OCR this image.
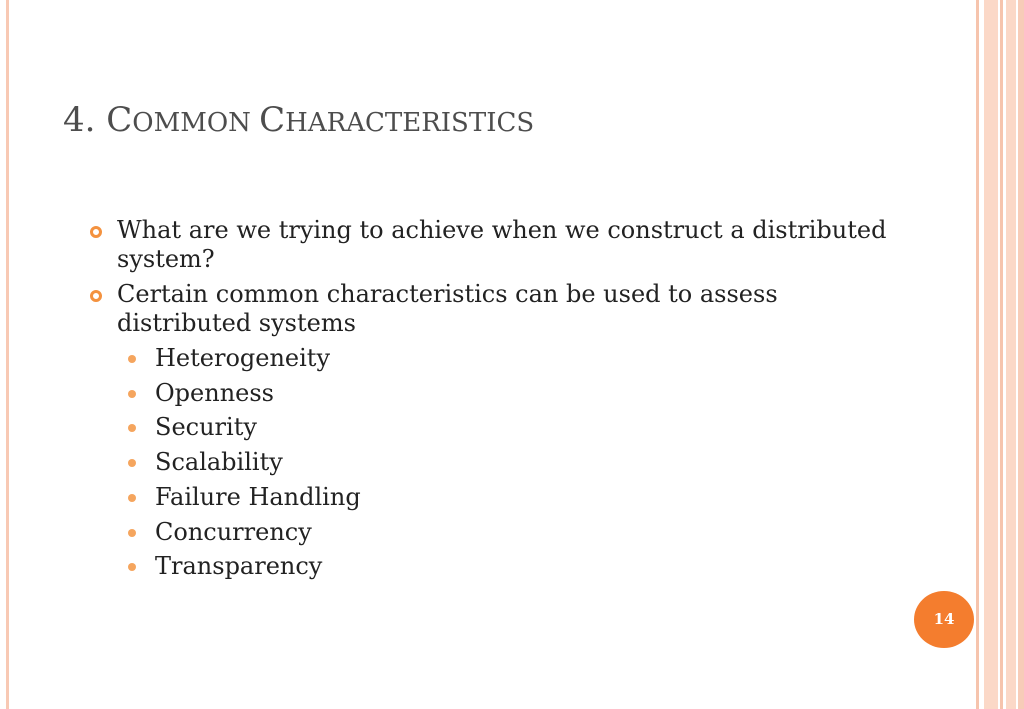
4. COMMON CHARACTERISTICS
What are we trying to achieve when we construct a distributed system?
Certain common characteristics can be used to assess distributed systems
Heterogeneity
Openness
Security
Scalability
Failure Handling
Concurrency
Transparency
14
